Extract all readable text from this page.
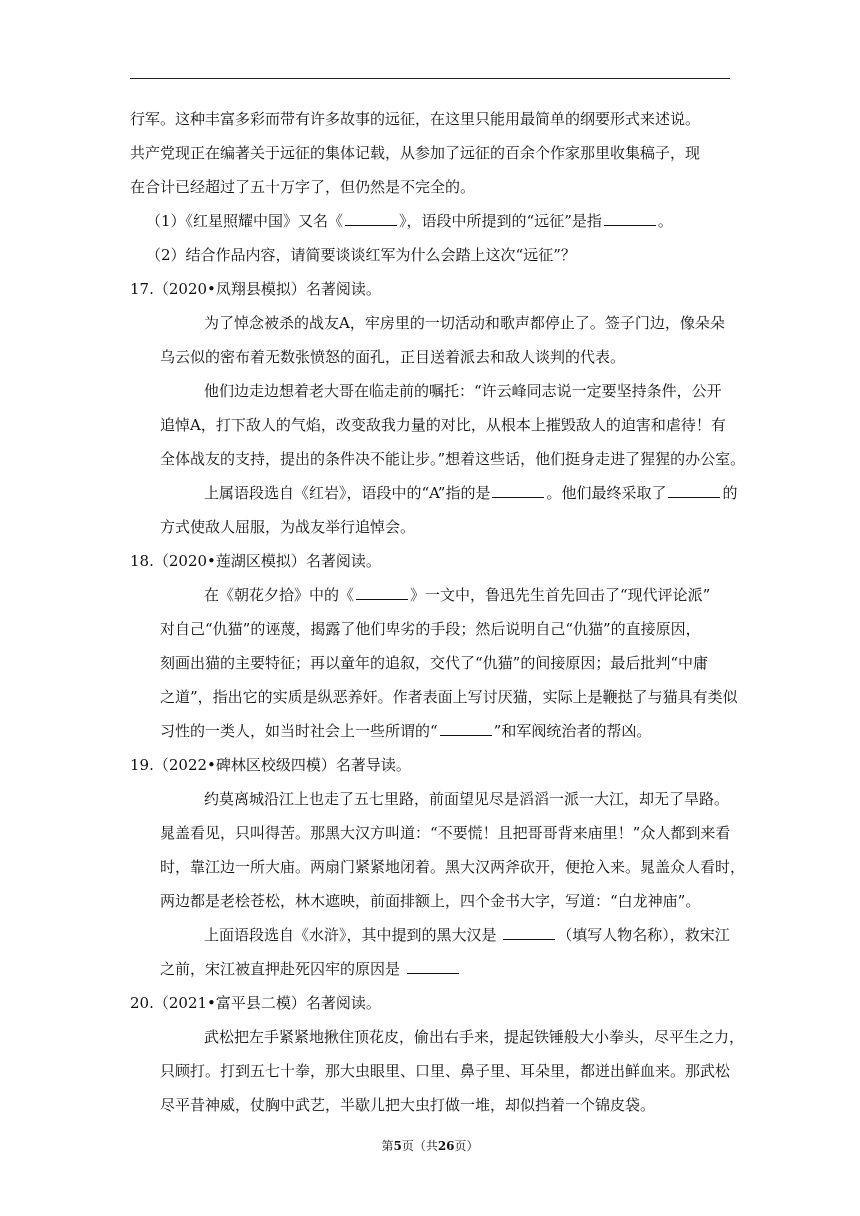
行军。这种丰富多彩而带有许多故事的远征，在这里只能用最简单的纲要形式来述说。

共产党现正在编著关于远征的集体记载，从参加了远征的百余个作家那里收集稿子，现

在合计已经超过了五十万字了，但仍然是不完全的。

（1）《红星照耀中国》又名《	》，语段中所提到的“远征”是指	。

（2）结合作品内容，请简要谈谈红军为什么会踏上这次“远征”？

17.（2020•凤翔县模拟）名著阅读。

为了悼念被杀的战友A，牢房里的一切活动和歌声都停止了。签子门边，像朵朵

乌云似的密布着无数张愤怒的面孔，正目送着派去和敌人谈判的代表。

他们边走边想着老大哥在临走前的嘱托：“许云峰同志说一定要坚持条件，公开

追悼A，打下敌人的气焰，改变敌我力量的对比，从根本上摧毁敌人的迫害和虐待！有

全体战友的支持，提出的条件决不能让步。”想着这些话，他们挺身走进了猩猩的办公室。

上属语段选自《红岩》，语段中的“A”指的是	。他们最终采取了	的

方式使敌人屈服，为战友举行追悼会。

18.（2020•莲湖区模拟）名著阅读。

在《朝花夕拾》中的《	》一文中，鲁迅先生首先回击了“现代评论派”

对自己“仇猫”的诬蔑，揭露了他们卑劣的手段；然后说明自己“仇猫”的直接原因，

刻画出猫的主要特征；再以童年的追叙，交代了“仇猫”的间接原因；最后批判“中庸

之道”，指出它的实质是纵恶养奸。作者表面上写讨厌猫，实际上是鞭挞了与猫具有类似

习性的一类人，如当时社会上一些所谓的“	”和军阀统治者的帮凶。

19.（2022•碑林区校级四模）名著导读。

约莫离城沿江上也走了五七里路，前面望见尽是滔滔一派一大江，却无了旱路。

晁盖看见，只叫得苦。那黑大汉方叫道：“不要慌！且把哥哥背来庙里！”众人都到来看

时，靠江边一所大庙。两扇门紧紧地闭着。黑大汉两斧砍开，便抢入来。晁盖众人看时，

两边都是老桧苍松，林木遮映，前面排额上，四个金书大字，写道：“白龙神庙”。

上面语段选自《水浒》，其中提到的黑大汉是	（填写人物名称），救宋江

之前，宋江被直押赴死囚牢的原因是

20.（2021•富平县二模）名著阅读。

武松把左手紧紧地揪住顶花皮，偷出右手来，提起铁锤般大小拳头，尽平生之力，

只顾打。打到五七十拳，那大虫眼里、口里、鼻子里、耳朵里，都迸出鲜血来。那武松

尽平昔神威，仗胸中武艺，半歇儿把大虫打做一堆，却似挡着一个锦皮袋。

第5页（共26页）
